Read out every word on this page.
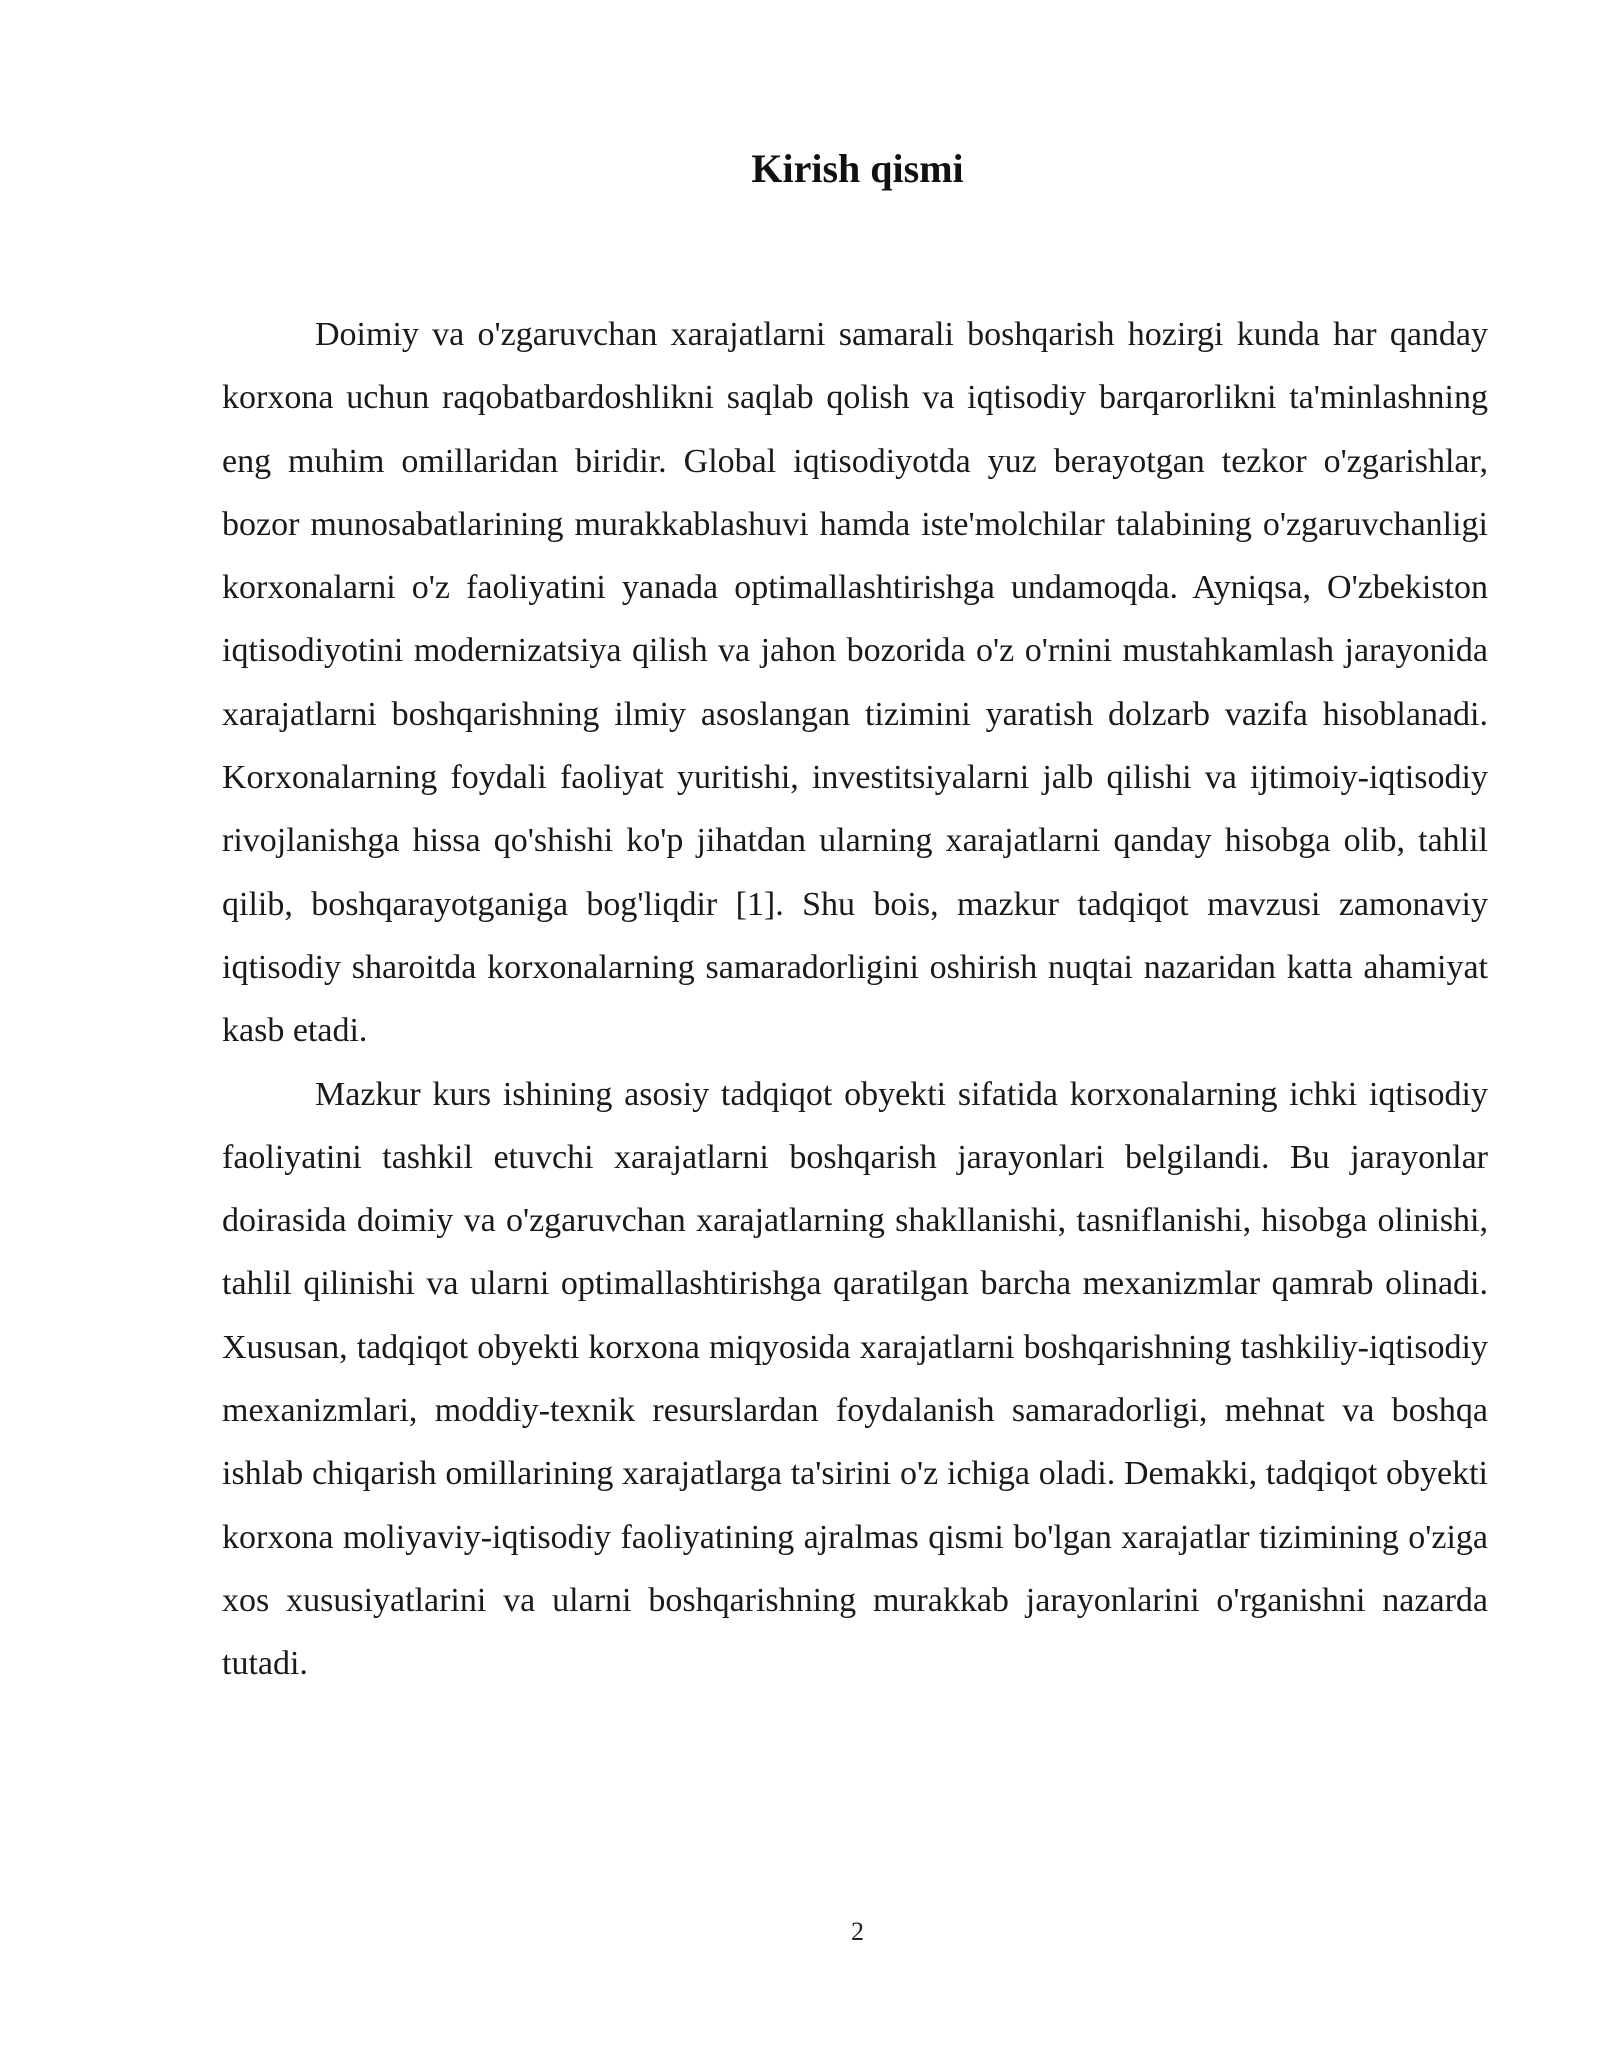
Kirish qismi

Doimiy va o'zgaruvchan xarajatlarni samarali boshqarish hozirgi kunda har qanday korxona uchun raqobatbardoshlikni saqlab qolish va iqtisodiy barqarorlikni ta'minlashning eng muhim omillaridan biridir. Global iqtisodiyotda yuz berayotgan tezkor o'zgarishlar, bozor munosabatlarining murakkablashuvi hamda iste'molchilar talabining o'zgaruvchanligi korxonalarni o'z faoliyatini yanada optimallashtirishga undamoqda. Ayniqsa, O'zbekiston iqtisodiyotini modernizatsiya qilish va jahon bozorida o'z o'rnini mustahkamlash jarayonida xarajatlarni boshqarishning ilmiy asoslangan tizimini yaratish dolzarb vazifa hisoblanadi. Korxonalarning foydali faoliyat yuritishi, investitsiyalarni jalb qilishi va ijtimoiy-iqtisodiy rivojlanishga hissa qo'shishi ko'p jihatdan ularning xarajatlarni qanday hisobga olib, tahlil qilib, boshqarayotganiga bog'liqdir [1]. Shu bois, mazkur tadqiqot mavzusi zamonaviy iqtisodiy sharoitda korxonalarning samaradorligini oshirish nuqtai nazaridan katta ahamiyat kasb etadi.

Mazkur kurs ishining asosiy tadqiqot obyekti sifatida korxonalarning ichki iqtisodiy faoliyatini tashkil etuvchi xarajatlarni boshqarish jarayonlari belgilandi. Bu jarayonlar doirasida doimiy va o'zgaruvchan xarajatlarning shakllanishi, tasniflanishi, hisobga olinishi, tahlil qilinishi va ularni optimallashtirishga qaratilgan barcha mexanizmlar qamrab olinadi. Xususan, tadqiqot obyekti korxona miqyosida xarajatlarni boshqarishning tashkiliy-iqtisodiy mexanizmlari, moddiy-texnik resurslardan foydalanish samaradorligi, mehnat va boshqa ishlab chiqarish omillarining xarajatlarga ta'sirini o'z ichiga oladi. Demakki, tadqiqot obyekti korxona moliyaviy-iqtisodiy faoliyatining ajralmas qismi bo'lgan xarajatlar tizimining o'ziga xos xususiyatlarini va ularni boshqarishning murakkab jarayonlarini o'rganishni nazarda tutadi.

2
